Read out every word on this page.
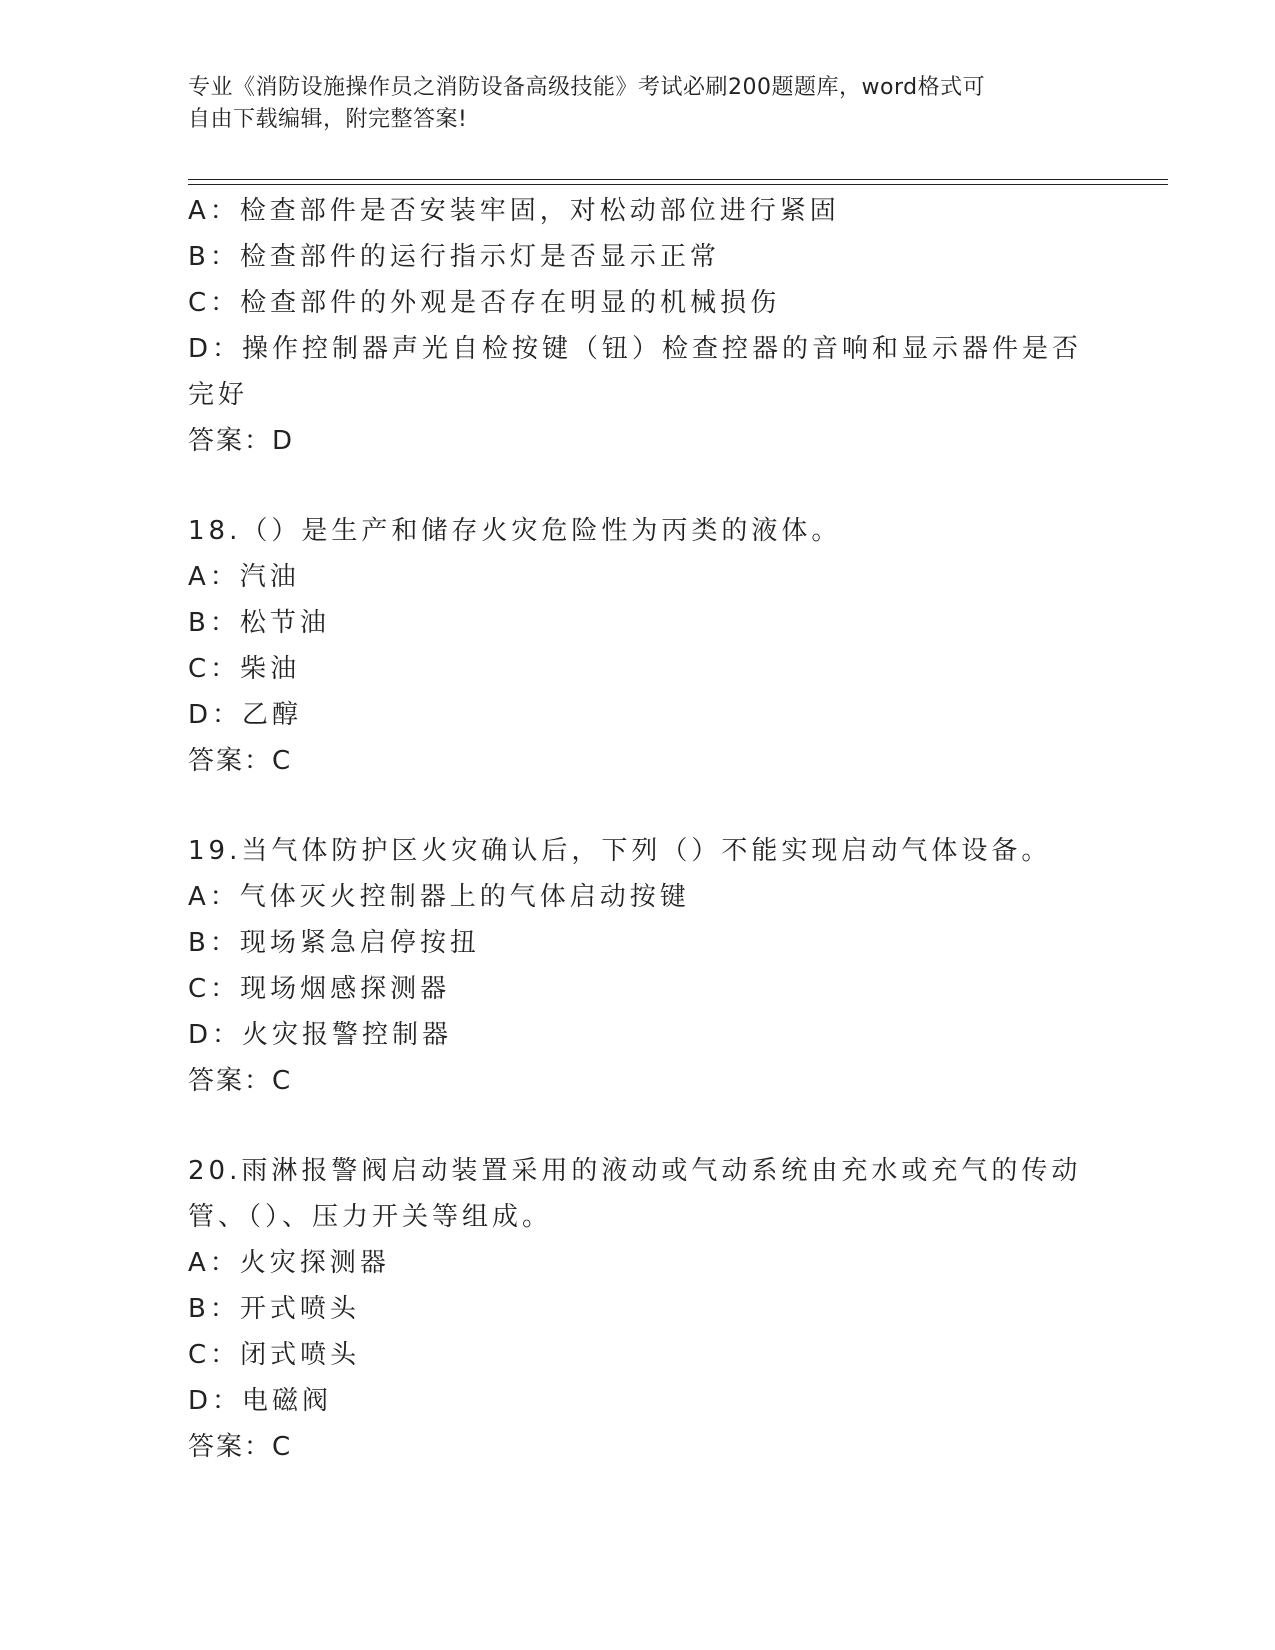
专业《消防设施操作员之消防设备高级技能》考试必刷200题题库，word格式可
自由下载编辑，附完整答案!
A：检查部件是否安装牢固，对松动部位进行紧固
B：检查部件的运行指示灯是否显示正常
C：检查部件的外观是否存在明显的机械损伤
D：操作控制器声光自检按键（钮）检查控器的音响和显示器件是否完好
答案：D
18.（）是生产和储存火灾危险性为丙类的液体。
A：汽油
B：松节油
C：柴油
D：乙醇
答案：C
19.当气体防护区火灾确认后，下列（）不能实现启动气体设备。
A：气体灭火控制器上的气体启动按键
B：现场紧急启停按扭
C：现场烟感探测器
D：火灾报警控制器
答案：C
20.雨淋报警阀启动装置采用的液动或气动系统由充水或充气的传动管、（）、压力开关等组成。
A：火灾探测器
B：开式喷头
C：闭式喷头
D：电磁阀
答案：C
